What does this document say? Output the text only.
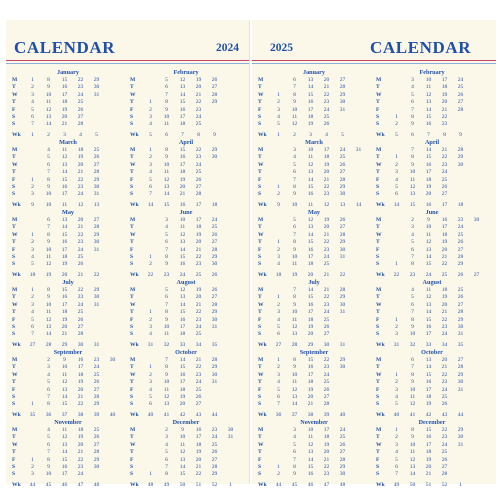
CALENDAR	2024
January
M	1	8	15	22	29
T	2	9	16	23	30
W	3	10	17	24	31
T	4	11	18	25
F	5	12	19	26
S	6	13	20	27
S	7	14	21	28
Wk	1	2	3	4	5
February
M	5	12	19	26
T	6	13	20	27
W	7	14	21	28
T	1	8	15	22	29
F	2	9	16	23
S	3	10	17	24
S	4	11	18	25
Wk	5	6	7	8	9
March
M	4	11	18	25
T	5	12	19	26
W	6	13	20	27
T	7	14	21	28
F	1	8	15	22	29
S	2	9	16	23	30
S	3	10	17	24	31
Wk	9	10	11	12	13
April
M	1	8	15	22	29
T	2	9	16	23	30
W	3	10	17	24
T	4	11	18	25
F	5	12	19	26
S	6	13	20	27
S	7	14	21	28
Wk	14	15	16	17	18
May
M	6	13	20	27
T	7	14	21	28
W	1	8	15	22	29
T	2	9	16	23	30
F	3	10	17	24	31
S	4	11	18	25
S	5	12	19	26
Wk	18	19	20	21	22
June
M	3	10	17	24
T	4	11	18	25
W	5	12	19	26
T	6	13	20	27
F	7	14	21	28
S	1	8	15	22	29
S	2	9	16	23	30
Wk	22	23	24	25	26
July
M	1	8	15	22	29
T	2	9	16	23	30
W	3	10	17	24	31
T	4	11	18	25
F	5	12	19	26
S	6	13	20	27
S	7	14	21	28
Wk	27	28	29	30	31
August
M	5	12	19	26
T	6	13	20	27
W	7	14	21	28
T	1	8	15	22	29
F	2	9	16	23	30
S	3	10	17	24	31
S	4	11	18	25
Wk	31	32	33	34	35
September
M	2	9	16	23	30
T	3	10	17	24
W	4	11	18	25
T	5	12	19	26
F	6	13	20	27
S	7	14	21	28
S	1	8	15	22	29
Wk	35	36	37	38	39	40
October
M	7	14	21	28
T	1	8	15	22	29
W	2	9	16	23	30
T	3	10	17	24	31
F	4	11	18	25
S	5	12	19	26
S	6	13	20	27
Wk	40	41	42	43	44
November
M	4	11	18	25
T	5	12	19	26
W	6	13	20	27
T	7	14	21	28
F	1	8	15	22	29
S	2	9	16	23	30
S	3	10	17	24
Wk	44	45	46	47	48
December
M	2	9	16	23	30
T	3	10	17	24	31
W	4	11	18	25
T	5	12	19	26
F	6	13	20	27
S	7	14	21	28
S	1	8	15	22	29
Wk	48	49	50	51	52	1
2025	CALENDAR
January
M	6	13	20	27
T	7	14	21	28
W	1	8	15	22	29
T	2	9	16	23	30
F	3	10	17	24	31
S	4	11	18	25
S	5	12	19	26
Wk	1	2	3	4	5
February
M	3	10	17	24
T	4	11	18	25
W	5	12	19	26
T	6	13	20	27
F	7	14	21	28
S	1	8	15	22
S	2	9	16	23
Wk	5	6	7	8	9
March
M	3	10	17	24	31
T	4	11	18	25
W	5	12	19	26
T	6	13	20	27
F	7	14	21	28
S	1	8	15	22	29
S	2	9	16	23	30
Wk	9	10	11	12	13	14
April
M	7	14	21	28
T	1	8	15	22	29
W	2	9	16	23	30
T	3	10	17	24
F	4	11	18	25
S	5	12	19	26
S	6	13	20	27
Wk	14	15	16	17	18
May
M	5	12	19	26
T	6	13	20	27
W	7	14	21	28
T	1	8	15	22	29
F	2	9	16	23	30
S	3	10	17	24	31
S	4	11	18	25
Wk	18	19	20	21	22
June
M	2	9	16	23	30
T	3	10	17	24
W	4	11	18	25
T	5	12	19	26
F	6	13	20	27
S	7	14	21	28
S	1	8	15	22	29
Wk	22	23	24	25	26	27
July
M	7	14	21	28
T	1	8	15	22	29
W	2	9	16	23	30
T	3	10	17	24	31
F	4	11	18	25
S	5	12	19	26
S	6	13	20	27
Wk	27	28	29	30	31
August
M	4	11	18	25
T	5	12	19	26
W	6	13	20	27
T	7	14	21	28
F	1	8	15	22	29
S	2	9	16	23	30
S	3	10	17	24	31
Wk	31	32	33	34	35
September
M	1	8	15	22	29
T	2	9	16	23	30
W	3	10	17	24
T	4	11	18	25
F	5	12	19	26
S	6	13	20	27
S	7	14	21	28
Wk	36	37	38	39	40
October
M	6	13	20	27
T	7	14	21	28
W	1	8	15	22	29
T	2	9	16	23	30
F	3	10	17	24	31
S	4	11	18	25
S	5	12	19	26
Wk	40	41	42	43	44
November
M	3	10	17	24
T	4	11	18	25
W	5	12	19	26
T	6	13	20	27
F	7	14	21	28
S	1	8	15	22	29
S	2	9	16	23	30
Wk	44	45	46	47	48
December
M	1	8	15	22	29
T	2	9	16	23	30
W	3	10	17	24	31
T	4	11	18	25
F	5	12	19	26
S	6	13	20	27
S	7	14	21	28
Wk	49	50	51	52	1
